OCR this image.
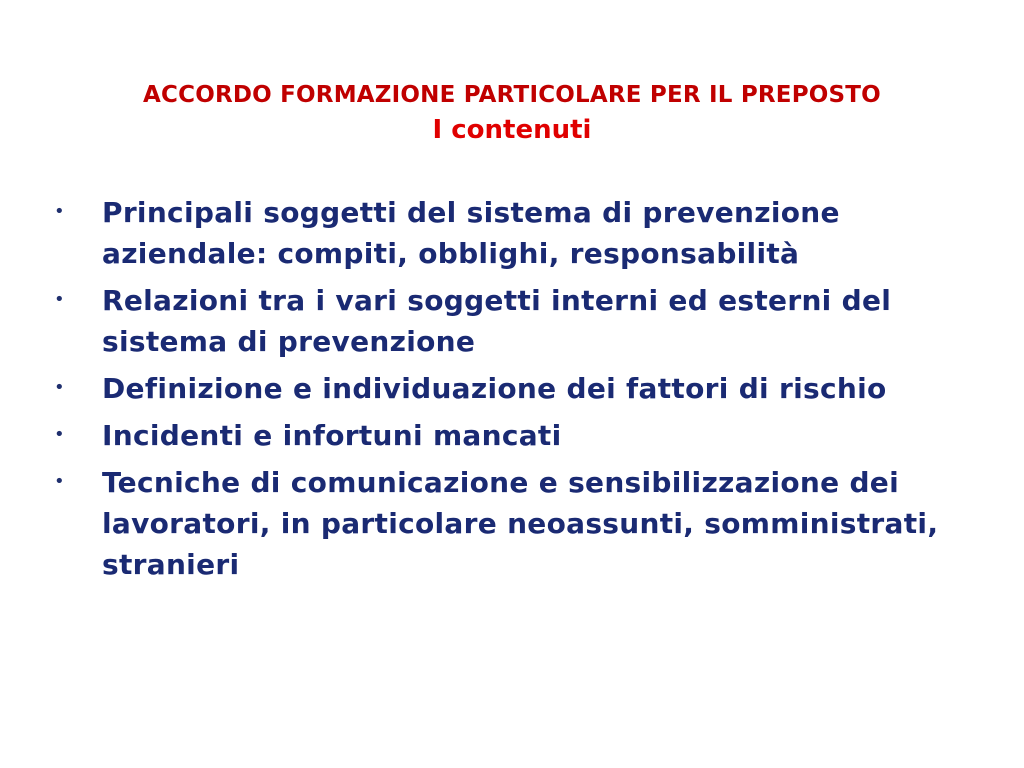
ACCORDO FORMAZIONE PARTICOLARE PER IL PREPOSTO
I contenuti
• Principali soggetti del sistema di prevenzione aziendale: compiti, obblighi, responsabilità
• Relazioni tra i vari soggetti interni ed esterni del sistema di prevenzione
• Definizione e individuazione dei fattori di rischio
• Incidenti e infortuni mancati
• Tecniche di comunicazione e sensibilizzazione dei lavoratori, in particolare neoassunti, somministrati, stranieri
